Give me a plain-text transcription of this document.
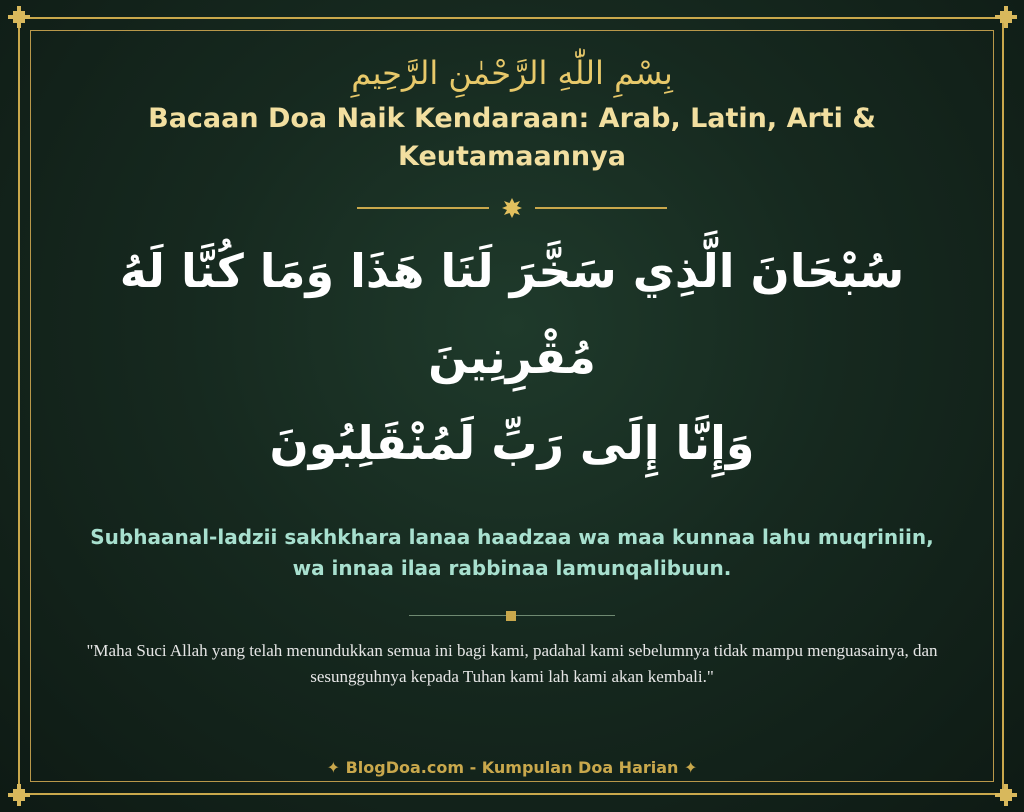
بِسْمِ اللّٰهِ الرَّحْمٰنِ الرَّحِيمِ
Bacaan Doa Naik Kendaraan: Arab, Latin, Arti & Keutamaannya
سُبْحَانَ الَّذِي سَخَّرَ لَنَا هَذَا وَمَا كُنَّا لَهُ مُقْرِنِينَ
وَإِنَّا إِلَى رَبِّ لَمُنْقَلِبُونَ
Subhaanal-ladzii sakhkhara lanaa haadzaa wa maa kunnaa lahu muqriniin, wa innaa ilaa rabbinaa lamunqalibuun.
"Maha Suci Allah yang telah menundukkan semua ini bagi kami, padahal kami sebelumnya tidak mampu menguasainya, dan sesungguhnya kepada Tuhan kami lah kami akan kembali."
✦ BlogDoa.com - Kumpulan Doa Harian ✦
